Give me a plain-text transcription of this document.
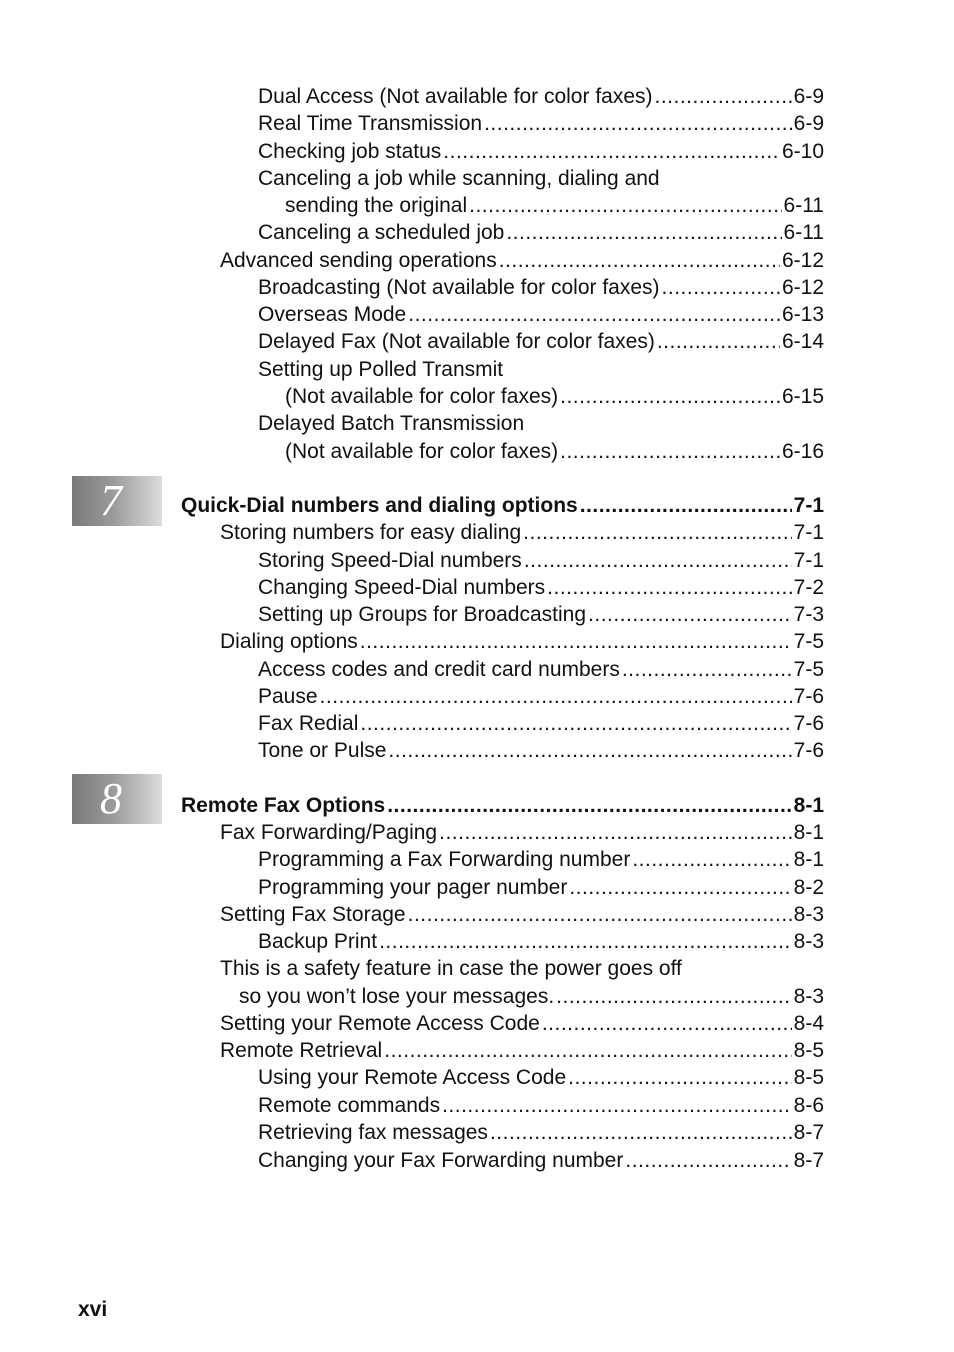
7
8
Dual Access (Not available for color faxes) .....	6-9
Real Time Transmission .....	6-9
Checking job status .....	6-10
Canceling a job while scanning, dialing and
sending the original .....	6-11
Canceling a scheduled job .....	6-11
Advanced sending operations .....	6-12
Broadcasting (Not available for color faxes) .....	6-12
Overseas Mode .....	6-13
Delayed Fax (Not available for color faxes) .....	6-14
Setting up Polled Transmit
(Not available for color faxes) .....	6-15
Delayed Batch Transmission
(Not available for color faxes) .....	6-16
Quick-Dial numbers and dialing options .....	7-1
Storing numbers for easy dialing .....	7-1
Storing Speed-Dial numbers .....	7-1
Changing Speed-Dial numbers .....	7-2
Setting up Groups for Broadcasting .....	7-3
Dialing options .....	7-5
Access codes and credit card numbers .....	7-5
Pause .....	7-6
Fax Redial .....	7-6
Tone or Pulse .....	7-6
Remote Fax Options .....	8-1
Fax Forwarding/Paging .....	8-1
Programming a Fax Forwarding number .....	8-1
Programming your pager number .....	8-2
Setting Fax Storage .....	8-3
Backup Print .....	8-3
This is a safety feature in case the power goes off
so you won’t lose your messages. .....	8-3
Setting your Remote Access Code .....	8-4
Remote Retrieval .....	8-5
Using your Remote Access Code .....	8-5
Remote commands .....	8-6
Retrieving fax messages .....	8-7
Changing your Fax Forwarding number .....	8-7
xvi
